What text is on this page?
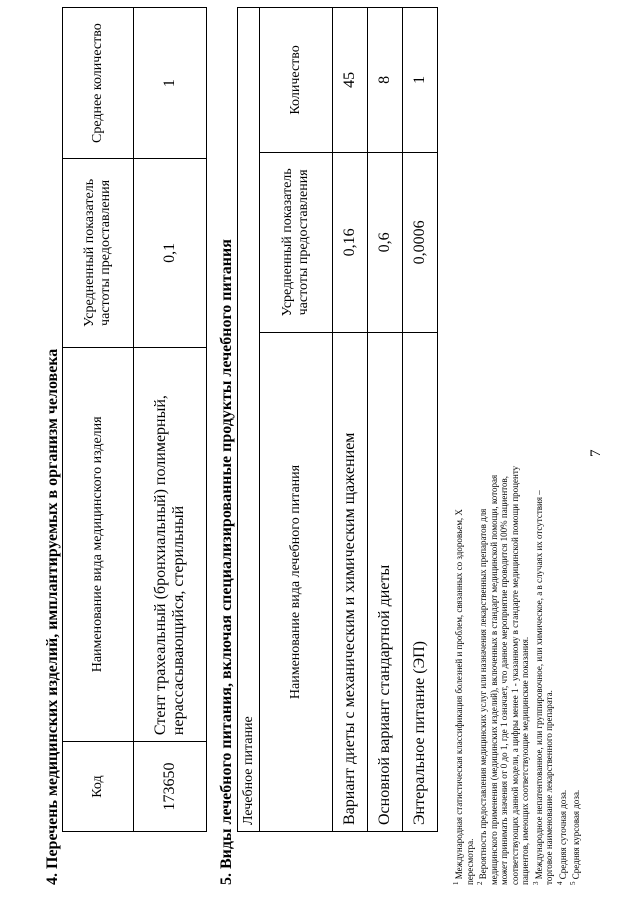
7
4. Перечень медицинских изделий, имплантируемых в организм человека Код	Наименование вида медицинского изделия	Усредненный показатель частоты предоставления	Среднее количество
173650	Стент трахеальный (бронхиальный) полимерный, нерассасывающийся, стерильный	0,1	1
5. Виды лечебного питания, включая специализированные продукты лечебного питания Лечебное питание		
Наименование вида лечебного питания	Усредненный показатель частоты предоставления	Количество
Вариант диеты с механическим и химическим щажением	0,16	45
Основной вариант стандартной диеты	0,6	8
Энтеральное питание (ЭП)	0,0006	1

$^1$ Международная статистическая классификация болезней и проблем, связанных со здоровьем, X пересмотра. $^2$ Вероятность предоставления медицинских услуг или назначения лекарственных препаратов для медицинского применения (медицинских изделий), включенных в стандарт медицинской помощи, которая может принимать значения от 0 до 1, где 1 означает, что данное мероприятие проводится 100% пациентов, соответствующих данной модели, а цифры менее 1 - указанному в стандарте медицинской помощи проценту пациентов, имеющих соответствующие медицинские показания. $^3$ Международное непатентованное, или группировочное, или химическое, а в случаях их отсутствия – торговое наименование лекарственного препарата. $^4$ Средняя суточная доза.

$^5$ Средняя курсовая доза.
